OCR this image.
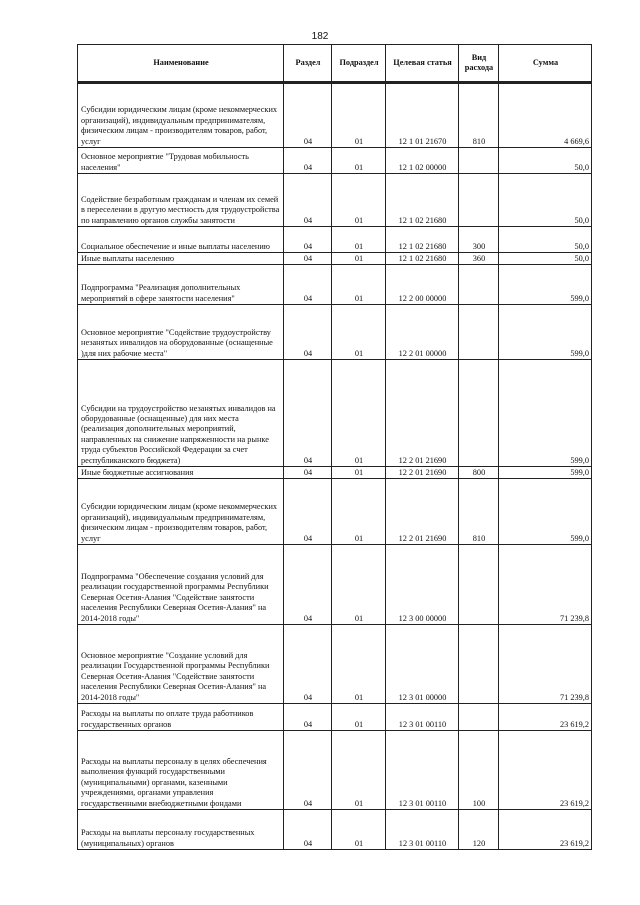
182
Наименование	Раздел	Подраздел	Целевая статья	Вид расхода	Сумма
Субсидии юридическим лицам (кроме некоммерческих организаций), индивидуальным предпринимателям, физическим лицам - производителям товаров, работ, услуг	04	01	12 1 01 21670	810	4 669,6
Основное мероприятие "Трудовая мобильность населения"	04	01	12 1 02 00000		50,0
Содействие безработным гражданам и членам их семей в переселении в другую местность для трудоустройства по направлению органов службы занятости	04	01	12 1 02 21680		50,0
Социальное обеспечение и иные выплаты населению	04	01	12 1 02 21680	300	50,0
Иные выплаты населению	04	01	12 1 02 21680	360	50,0
Подпрограмма "Реализация дополнительных мероприятий в сфере занятости населения"	04	01	12 2 00 00000		599,0
Основное мероприятие "Содействие трудоустройству незанятых инвалидов на оборудованные (оснащенные )для них рабочие места"	04	01	12 2 01 00000		599,0
Субсидии на трудоустройство незанятых инвалидов на оборудованные (оснащенные) для них места (реализация дополнительных мероприятий, направленных на снижение напряженности на рынке труда субъектов Российской Федерации за счет республиканского бюджета)	04	01	12 2 01 21690		599,0
Иные бюджетные ассигнования	04	01	12 2 01 21690	800	599,0
Субсидии юридическим лицам (кроме некоммерческих организаций), индивидуальным предпринимателям, физическим лицам - производителям товаров, работ, услуг	04	01	12 2 01 21690	810	599,0
Подпрограмма "Обеспечение создания условий для реализации государственной программы Республики Северная Осетия-Алания "Содействие занятости населения Республики Северная Осетия-Алания" на 2014-2018 годы"	04	01	12 3 00 00000		71 239,8
Основное мероприятие "Создание условий для реализации Государственной программы Республики Северная Осетия-Алания "Содействие занятости населения Республики Северная Осетия-Алания" на 2014-2018 годы"	04	01	12 3 01 00000		71 239,8
Расходы на выплаты по оплате труда работников государственных органов	04	01	12 3 01 00110		23 619,2
Расходы на выплаты персоналу в целях обеспечения выполнения функций государственными (муниципальными) органами, казенными учреждениями, органами управления государственными внебюджетными фондами	04	01	12 3 01 00110	100	23 619,2
Расходы на выплаты персоналу государственных (муниципальных) органов	04	01	12 3 01 00110	120	23 619,2
